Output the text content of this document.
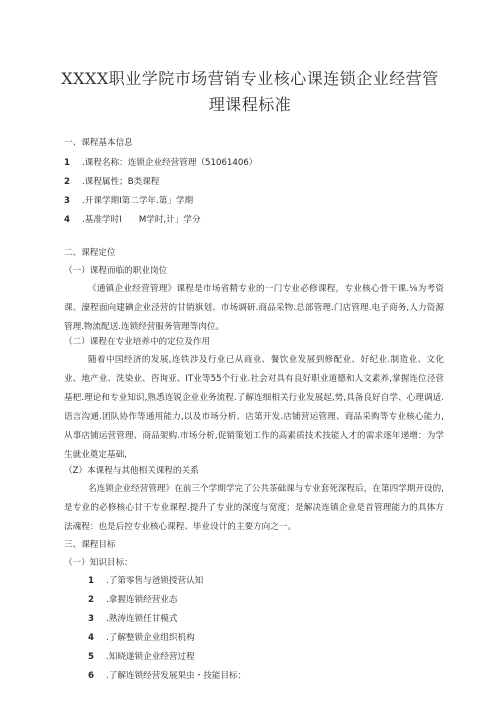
XXXX职业学院市场营销专业核心课连锁企业经营管
理课程标准
一、课程基本信息
1 .课程名称：连锁企业经营管理（51061406）
2 .课程属性；B类课程
3 .开课学期I第二学年.第」学期
4 .基准学时I　　M学时,计」学分
二、课程定位
（一）课程而临的职业岗位
《通镇企业经营管理》课程是市场省精专业的一门专业必修课程，专业核心骨干课.⅛为考资课。濠程面向建碘企业泾营的甘销旗划、市场调研.商品采物.总部管理.门店管理.电子商务,人力资源管理.物流配送.连锁经营服务管理等肉位。
（二）课程在专业培养中的定位及作用
随着中国经济的发展,连铁涉及行业已从商业、餐饮业发展到修配业、好纪业.制造业、文化业、地产业、洗染业、咨询亚、IT业等55个行业.社会对具有良好职业道德和人文素养,掌握连位泾营基杷.理论和专业知识,熟悉连锐企业业务流程.了解连细相关行业发展起,势,具备良好自学、心理调适.语言沟通.团队协作等通用能力,以及市场分析、店第开发.店铺营运管理、商品采购等专业核心能力,从事店铺运营管理、商品架购.市场分析,促销策划工作的高素质技术技能人才的需求逐年递增：为学生就业奠定基础,
（Z）本课程与其他相关课程的关系
名连锁企业经营管理》在前三个学期学完了公共茶础课与专业套死深程后，在第四学期开设的,是专业的必修核心甘干专业课程.提升了专业的深度与宽度；是解决连镇企业是首管理能力的具体方法魂程：也是后控专业核心课程、毕业设计的主要方向之一。
三、课程目标
（一）知识目标：
1 .了第零售与爸锁授营认知
2 .拿握连锁经营业态
3 .熟涛连锁任甘模式
4 .了解整锁企业组织机构
5 .知晓遂锁企业经营过程
6 .了解连锁经营发展果虫・技能目标：
